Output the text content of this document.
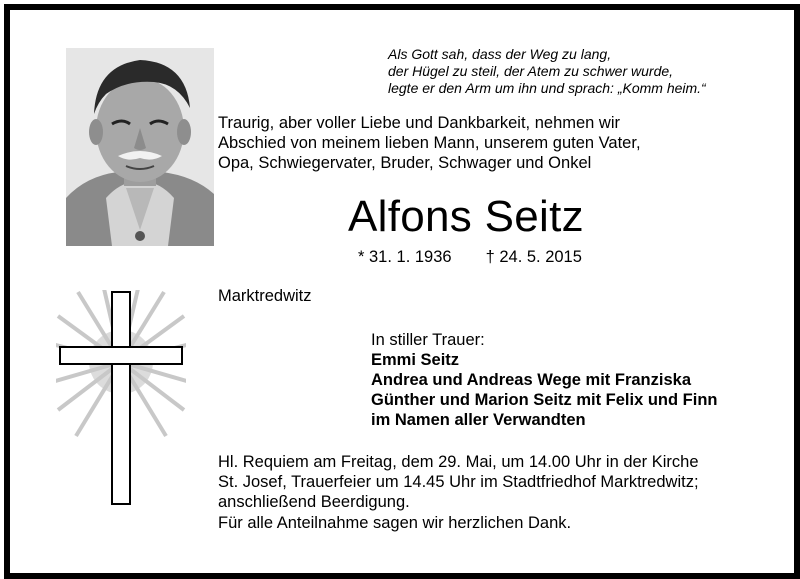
Als Gott sah, dass der Weg zu lang,
der Hügel zu steil, der Atem zu schwer wurde,
legte er den Arm um ihn und sprach: „Komm heim.“
Traurig, aber voller Liebe und Dankbarkeit, nehmen wir
Abschied von meinem lieben Mann, unserem guten Vater,
Opa, Schwiegervater, Bruder, Schwager und Onkel
Alfons Seitz
* 31. 1. 1936 † 24. 5. 2015
Marktredwitz
In stiller Trauer:
Emmi Seitz
Andrea und Andreas Wege mit Franziska
Günther und Marion Seitz mit Felix und Finn
im Namen aller Verwandten
Hl. Requiem am Freitag, dem 29. Mai, um 14.00 Uhr in der Kirche
St. Josef, Trauerfeier um 14.45 Uhr im Stadtfriedhof Marktredwitz;
anschließend Beerdigung.
Für alle Anteilnahme sagen wir herzlichen Dank.
